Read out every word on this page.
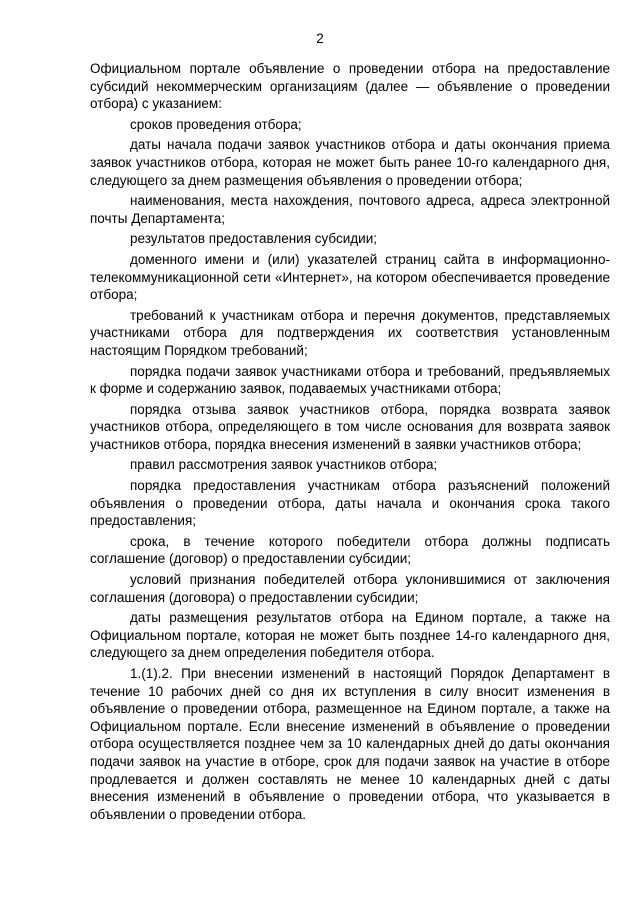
2

Официальном портале объявление о проведении отбора на предоставление субсидий некоммерческим организациям (далее — объявление о проведении отбора) с указанием:

сроков проведения отбора;

даты начала подачи заявок участников отбора и даты окончания приема заявок участников отбора, которая не может быть ранее 10-го календарного дня, следующего за днем размещения объявления о проведении отбора;

наименования, места нахождения, почтового адреса, адреса электронной почты Департамента;

результатов предоставления субсидии;

доменного имени и (или) указателей страниц сайта в информационно-телекоммуникационной сети «Интернет», на котором обеспечивается проведение отбора;

требований к участникам отбора и перечня документов, представляемых участниками отбора для подтверждения их соответствия установленным настоящим Порядком требований;

порядка подачи заявок участниками отбора и требований, предъявляемых к форме и содержанию заявок, подаваемых участниками отбора;

порядка отзыва заявок участников отбора, порядка возврата заявок участников отбора, определяющего в том числе основания для возврата заявок участников отбора, порядка внесения изменений в заявки участников отбора;

правил рассмотрения заявок участников отбора;

порядка предоставления участникам отбора разъяснений положений объявления о проведении отбора, даты начала и окончания срока такого предоставления;

срока, в течение которого победители отбора должны подписать соглашение (договор) о предоставлении субсидии;

условий признания победителей отбора уклонившимися от заключения соглашения (договора) о предоставлении субсидии;

даты размещения результатов отбора на Едином портале, а также на Официальном портале, которая не может быть позднее 14-го календарного дня, следующего за днем определения победителя отбора.

1.(1).2. При внесении изменений в настоящий Порядок Департамент в течение 10 рабочих дней со дня их вступления в силу вносит изменения в объявление о проведении отбора, размещенное на Едином портале, а также на Официальном портале. Если внесение изменений в объявление о проведении отбора осуществляется позднее чем за 10 календарных дней до даты окончания подачи заявок на участие в отборе, срок для подачи заявок на участие в отборе продлевается и должен составлять не менее 10 календарных дней с даты внесения изменений в объявление о проведении отбора, что указывается в объявлении о проведении отбора.
